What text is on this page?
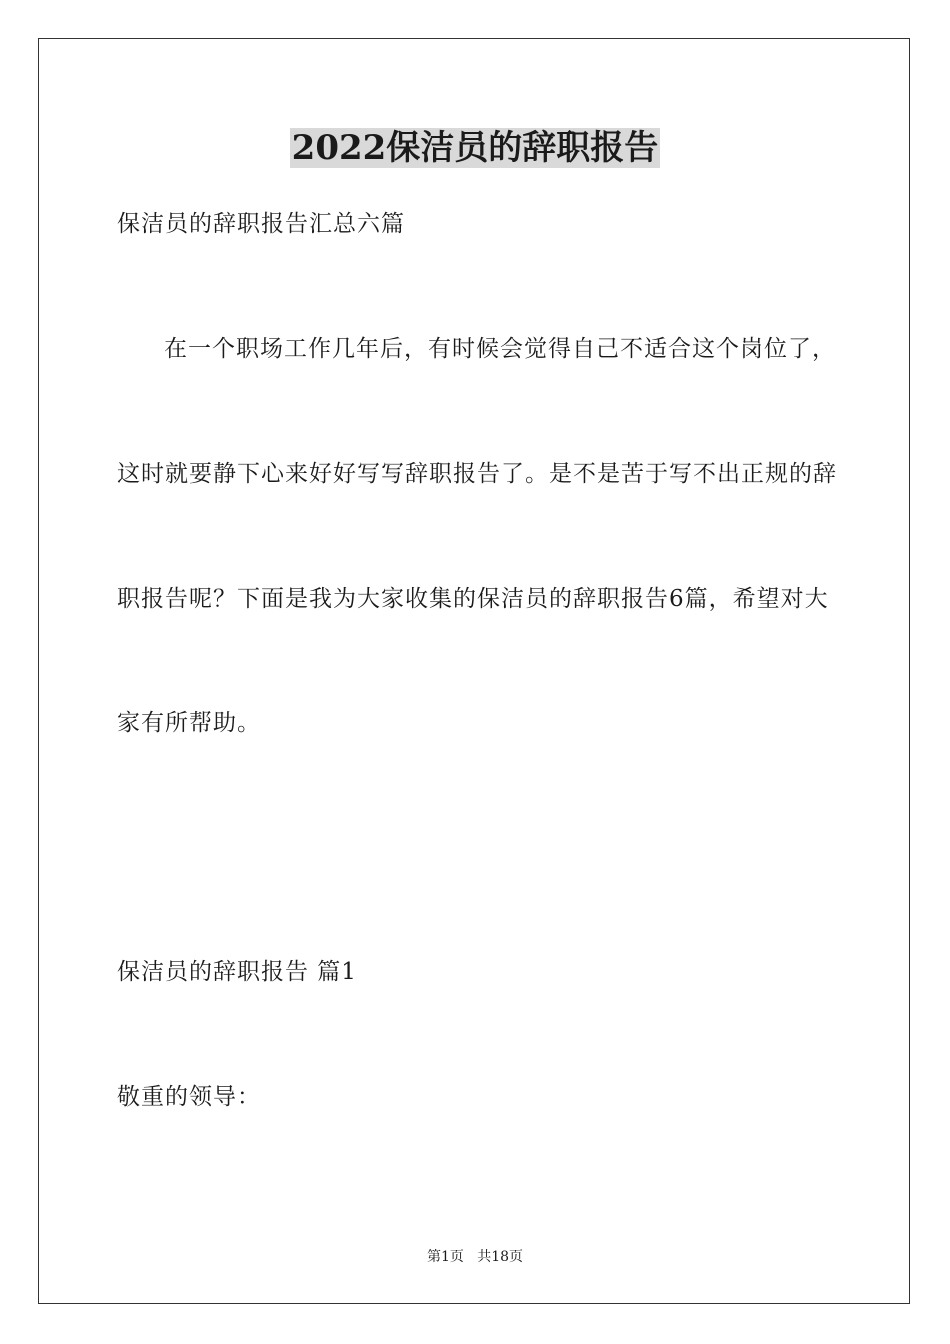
2022保洁员的辞职报告
保洁员的辞职报告汇总六篇
在一个职场工作几年后，有时候会觉得自己不适合这个岗位了，
这时就要静下心来好好写写辞职报告了。是不是苦于写不出正规的辞
职报告呢？下面是我为大家收集的保洁员的辞职报告6篇，希望对大
家有所帮助。
保洁员的辞职报告 篇1
敬重的领导：
第1页   共18页
